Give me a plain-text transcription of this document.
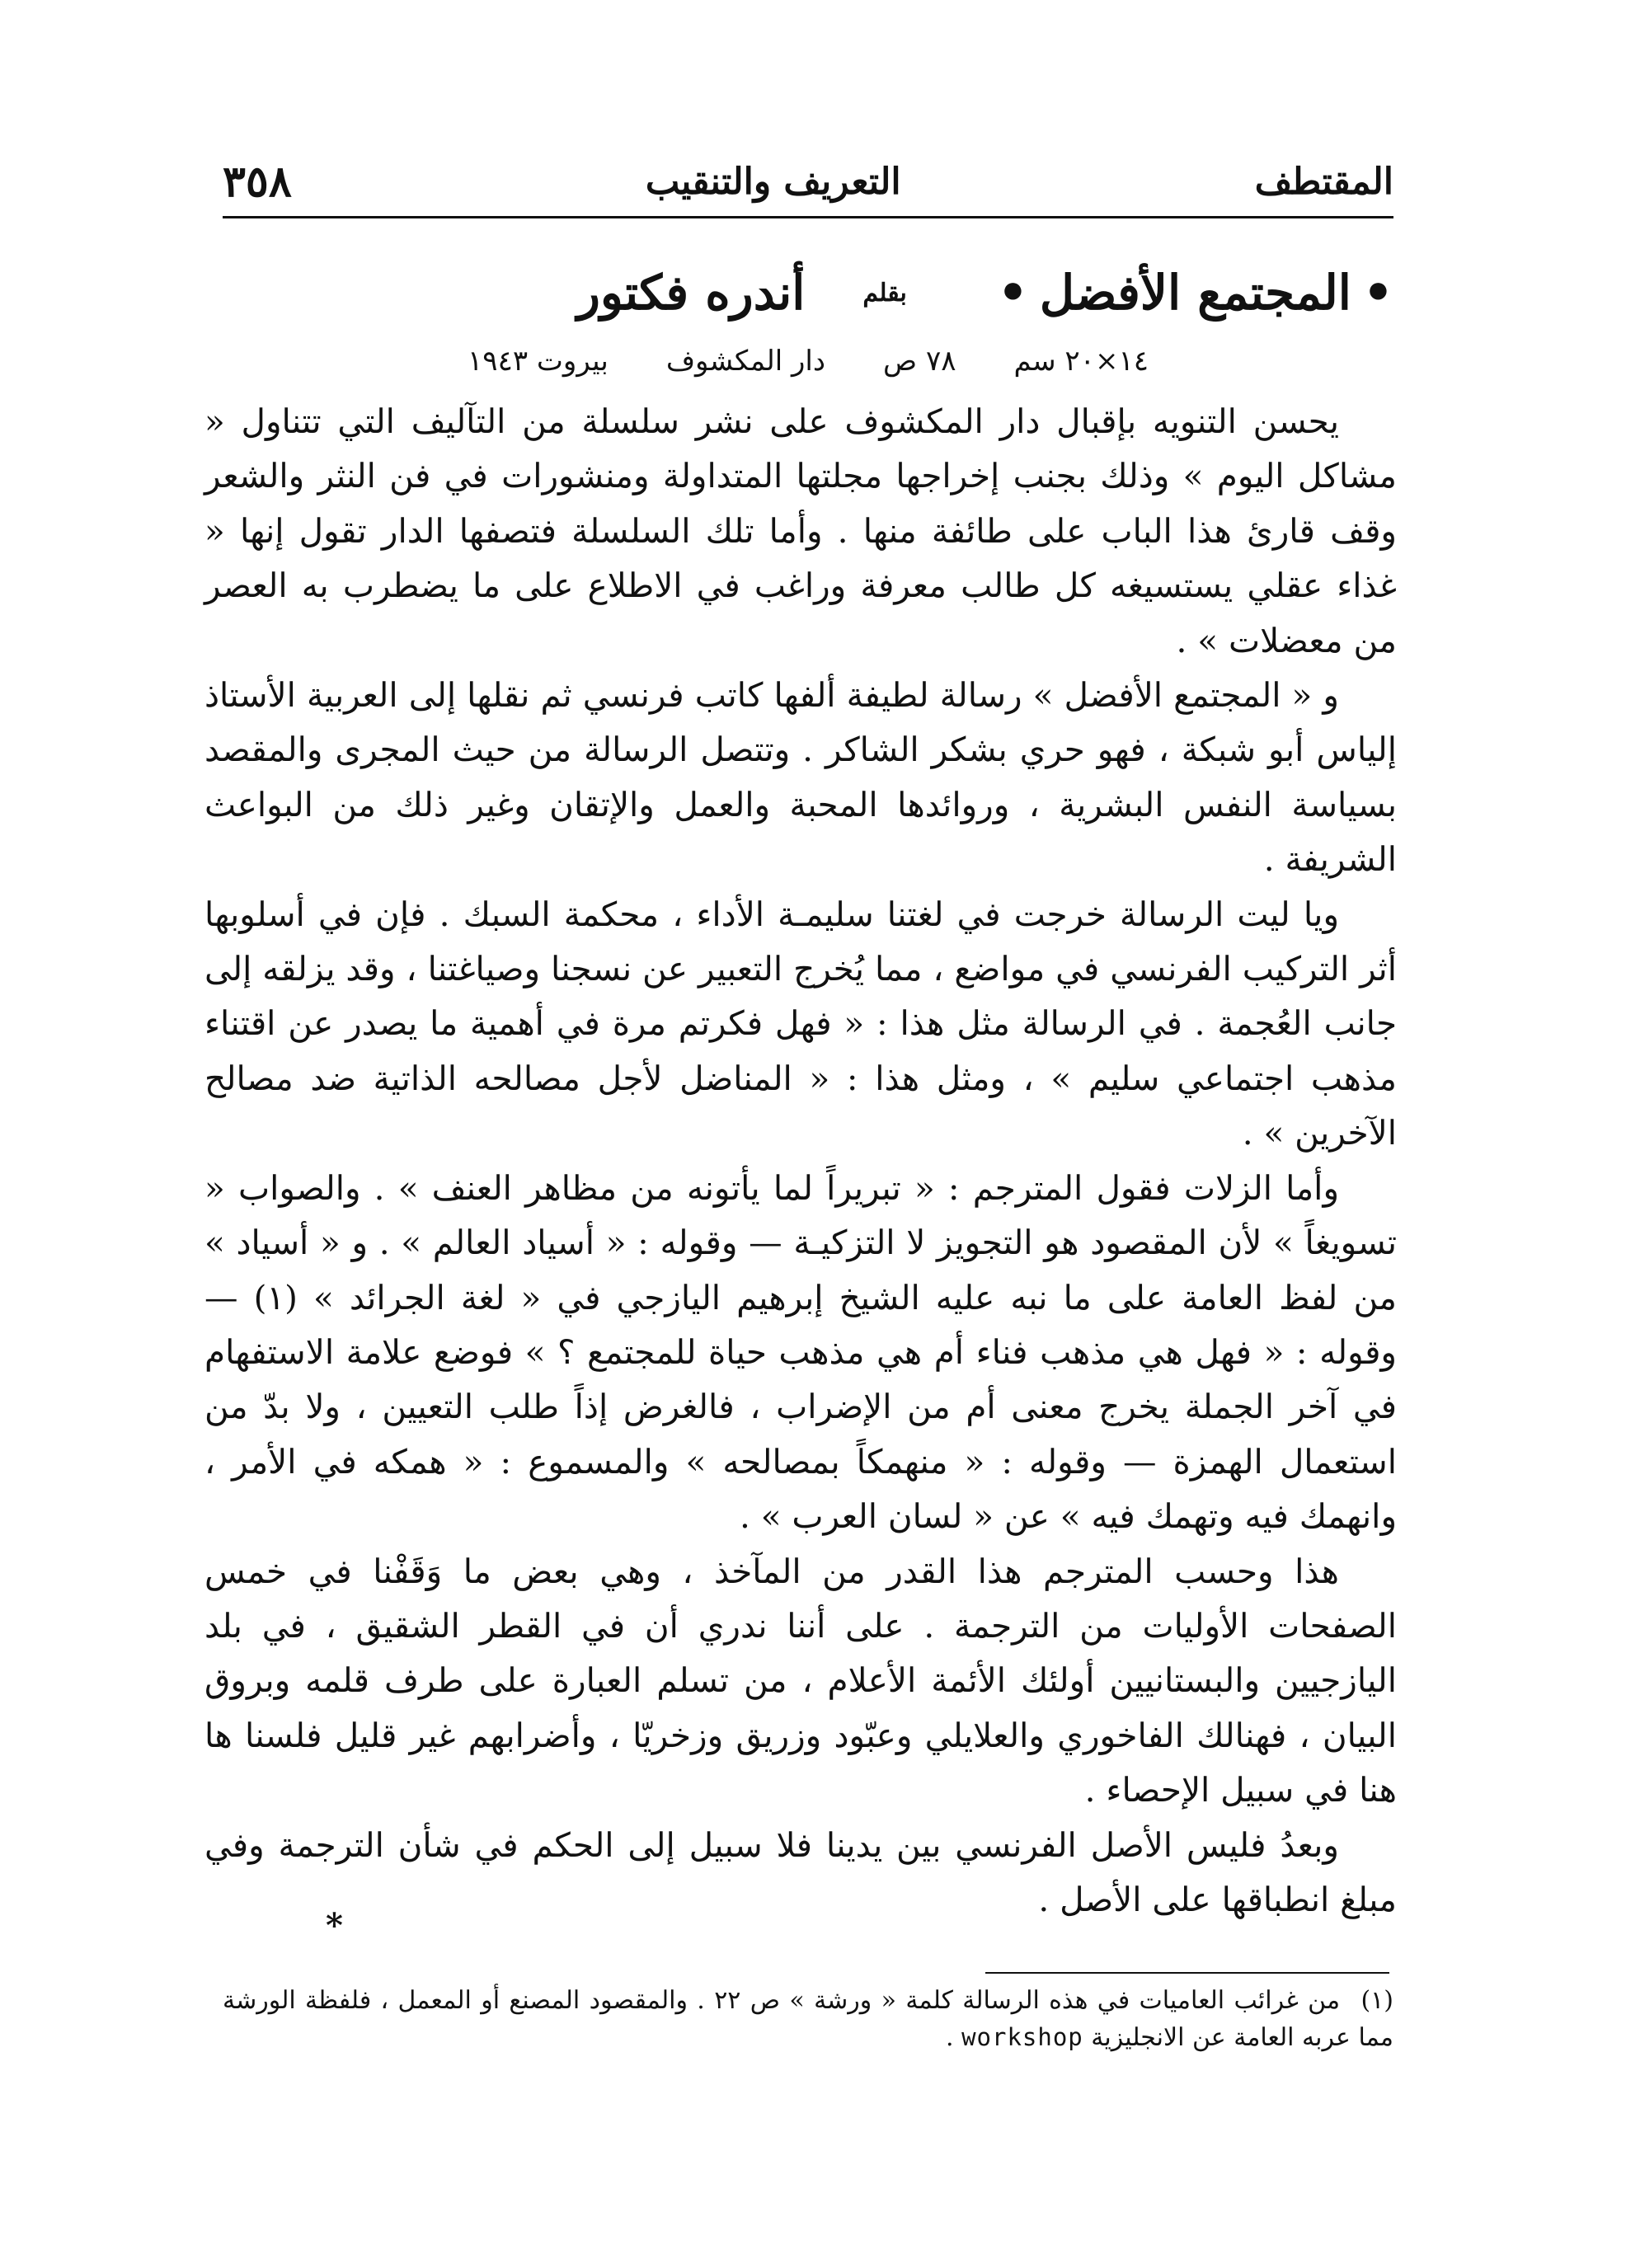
٣٥٨	التعريف والتنقيب	المقتطف
•
المجتمع الأفضل
•
بقلم
أندره فكتور
١٤×٢٠ سم
٧٨ ص
دار المكشوف
بيروت ١٩٤٣

يحسن التنويه بإقبال دار المكشوف على نشر سلسلة من التآليف التي تتناول « مشاكل اليوم » وذلك بجنب إخراجها مجلتها المتداولة ومنشورات في فن النثر والشعر وقف قارئ هذا الباب على طائفة منها . وأما تلك السلسلة فتصفها الدار تقول إنها « غذاء عقلي يستسيغه كل طالب معرفة وراغب في الاطلاع على ما يضطرب به العصر من معضلات » .

و « المجتمع الأفضل » رسالة لطيفة ألفها كاتب فرنسي ثم نقلها إلى العربية الأستاذ إلياس أبو شبكة ، فهو حري بشكر الشاكر . وتتصل الرسالة من حيث المجرى والمقصد بسياسة النفس البشرية ، وروائدها المحبة والعمل والإتقان وغير ذلك من البواعث الشريفة .

ويا ليت الرسالة خرجت في لغتنا سليمـة الأداء ، محكمة السبك . فإن في أسلوبها أثر التركيب الفرنسي في مواضع ، مما يُخرج التعبير عن نسجنا وصياغتنا ، وقد يزلقه إلى جانب العُجمة . في الرسالة مثل هذا : « فهل فكرتم مرة في أهمية ما يصدر عن اقتناء مذهب اجتماعي سليم » ، ومثل هذا : « المناضل لأجل مصالحه الذاتية ضد مصالح الآخرين » .

وأما الزلات فقول المترجم : « تبريراً لما يأتونه من مظاهر العنف » . والصواب « تسويغاً » لأن المقصود هو التجويز لا التزكيـة — وقوله : « أسياد العالم » . و « أسياد » من لفظ العامة على ما نبه عليه الشيخ إبرهيم اليازجي في « لغة الجرائد » (١) — وقوله : « فهل هي مذهب فناء أم هي مذهب حياة للمجتمع ؟ » فوضع علامة الاستفهام في آخر الجملة يخرج معنى أم من الإضراب ، فالغرض إذاً طلب التعيين ، ولا بدّ من استعمال الهمزة — وقوله : « منهمكاً بمصالحه » والمسموع : « همكه في الأمر ، وانهمك فيه وتهمك فيه » عن « لسان العرب » .

هذا وحسب المترجم هذا القدر من المآخذ ، وهي بعض ما وَقَفْنا في خمس الصفحات الأوليات من الترجمة . على أننا ندري أن في القطر الشقيق ، في بلد اليازجيين والبستانيين أولئك الأئمة الأعلام ، من تسلم العبارة على طرف قلمه وبروق البيان ، فهنالك الفاخوري والعلايلي وعبّود وزريق وزخريّا ، وأضرابهم غير قليل فلسنا ها هنا في سبيل الإحصاء .

وبعدُ فليس الأصل الفرنسي بين يدينا فلا سبيل إلى الحكم في شأن الترجمة وفي مبلغ انطباقها على الأصل .

*
(١) من غرائب العاميات في هذه الرسالة كلمة « ورشة » ص ٢٢ . والمقصود المصنع أو المعمل ، فلفظة الورشة مما عربه العامة عن الانجليزية workshop .
